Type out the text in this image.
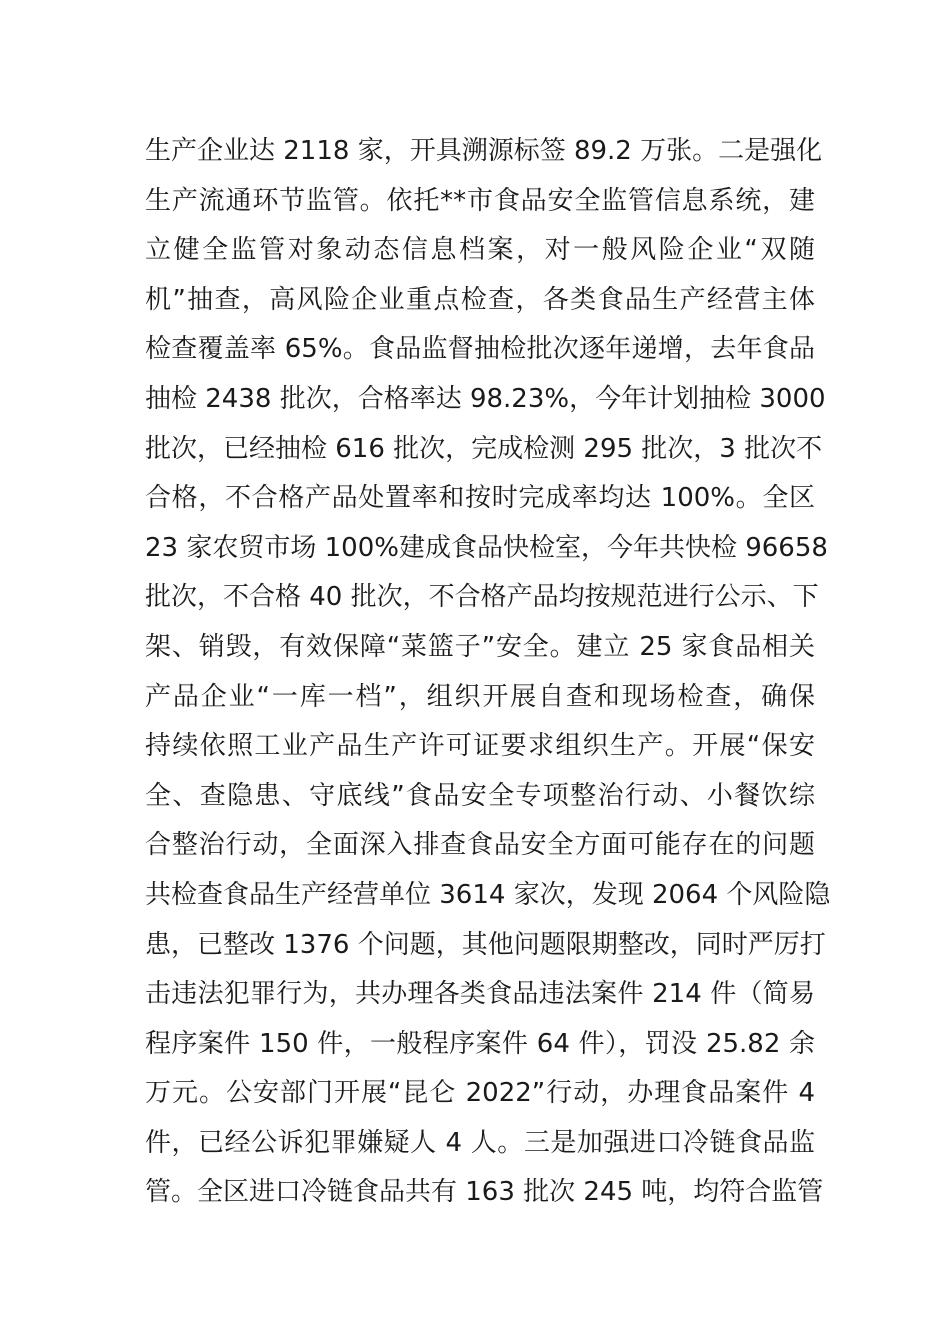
生产企业达 2118 家，开具溯源标签 89.2 万张。二是强化
生产流通环节监管。依托**市食品安全监管信息系统，建
立健全监管对象动态信息档案，对一般风险企业“双随
机”抽查，高风险企业重点检查，各类食品生产经营主体
检查覆盖率 65%。食品监督抽检批次逐年递增，去年食品
抽检 2438 批次，合格率达 98.23%，今年计划抽检 3000
批次，已经抽检 616 批次，完成检测 295 批次，3 批次不
合格，不合格产品处置率和按时完成率均达 100%。全区
23 家农贸市场 100%建成食品快检室，今年共快检 96658
批次，不合格 40 批次，不合格产品均按规范进行公示、下
架、销毁，有效保障“菜篮子”安全。建立 25 家食品相关
产品企业“一库一档”，组织开展自查和现场检查，确保
持续依照工业产品生产许可证要求组织生产。开展“保安
全、查隐患、守底线”食品安全专项整治行动、小餐饮综
合整治行动，全面深入排查食品安全方面可能存在的问题
共检查食品生产经营单位 3614 家次，发现 2064 个风险隐
患，已整改 1376 个问题，其他问题限期整改，同时严厉打
击违法犯罪行为，共办理各类食品违法案件 214 件（简易
程序案件 150 件，一般程序案件 64 件），罚没 25.82 余
万元。公安部门开展“昆仑 2022”行动，办理食品案件 4
件，已经公诉犯罪嫌疑人 4 人。三是加强进口冷链食品监
管。全区进口冷链食品共有 163 批次 245 吨，均符合监管
